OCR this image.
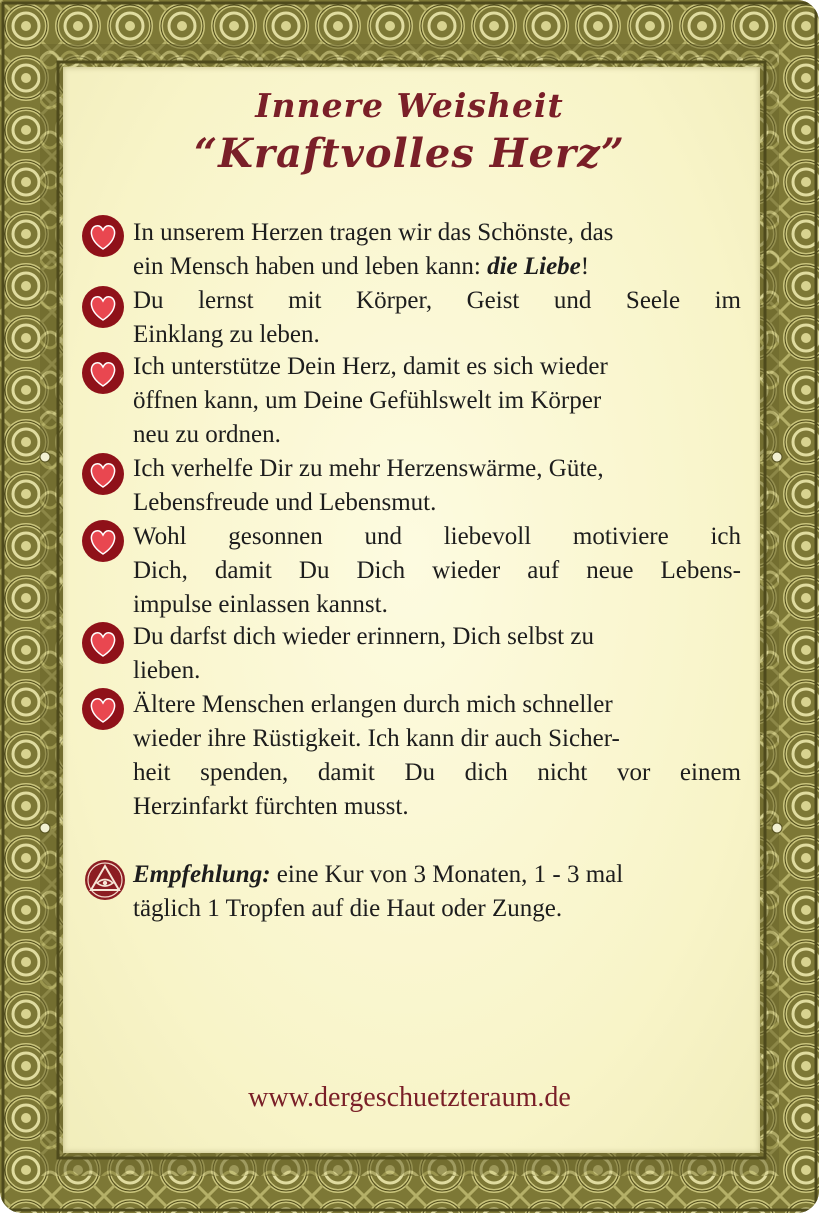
Innere Weisheit
“Kraftvolles Herz”

In unserem Herzen tragen wir das Schönste, das
ein Mensch haben und leben kann: die Liebe!

Du lernst mit Körper, Geist und Seele im
Einklang zu leben.

Ich unterstütze Dein Herz, damit es sich wieder
öffnen kann, um Deine Gefühlswelt im Körper
neu zu ordnen.

Ich verhelfe Dir zu mehr Herzenswärme, Güte,
Lebensfreude und Lebensmut.

Wohl gesonnen und liebevoll motiviere ich
Dich, damit Du Dich wieder auf neue Lebens-
impulse einlassen kannst.

Du darfst dich wieder erinnern, Dich selbst zu
lieben.

Ältere Menschen erlangen durch mich schneller
wieder ihre Rüstigkeit. Ich kann dir auch Sicher-
heit spenden, damit Du dich nicht vor einem
Herzinfarkt fürchten musst.

Empfehlung: eine Kur von 3 Monaten, 1 - 3 mal
täglich 1 Tropfen auf die Haut oder Zunge.

www.dergeschuetzteraum.de
